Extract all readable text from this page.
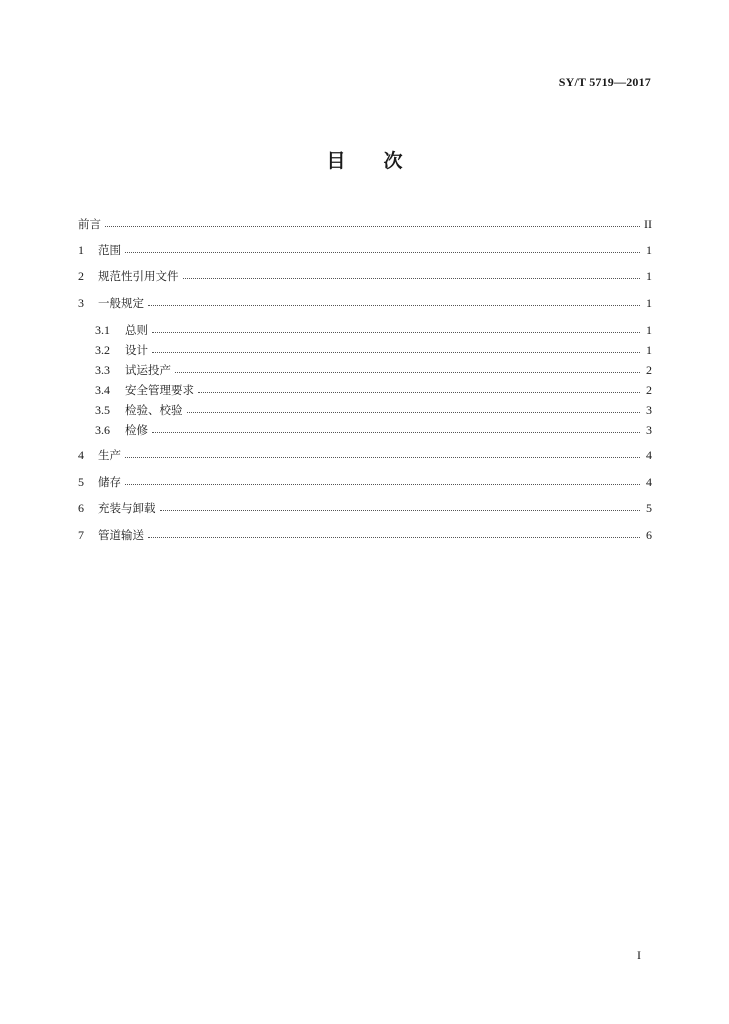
SY/T 5719—2017
目 次
前言	II
1	范围	1
2	规范性引用文件	1
3	一般规定	1
3.1	总则	1
3.2	设计	1
3.3	试运投产	2
3.4	安全管理要求	2
3.5	检验、校验	3
3.6	检修	3
4	生产	4
5	储存	4
6	充装与卸载	5
7	管道输送	6
I
